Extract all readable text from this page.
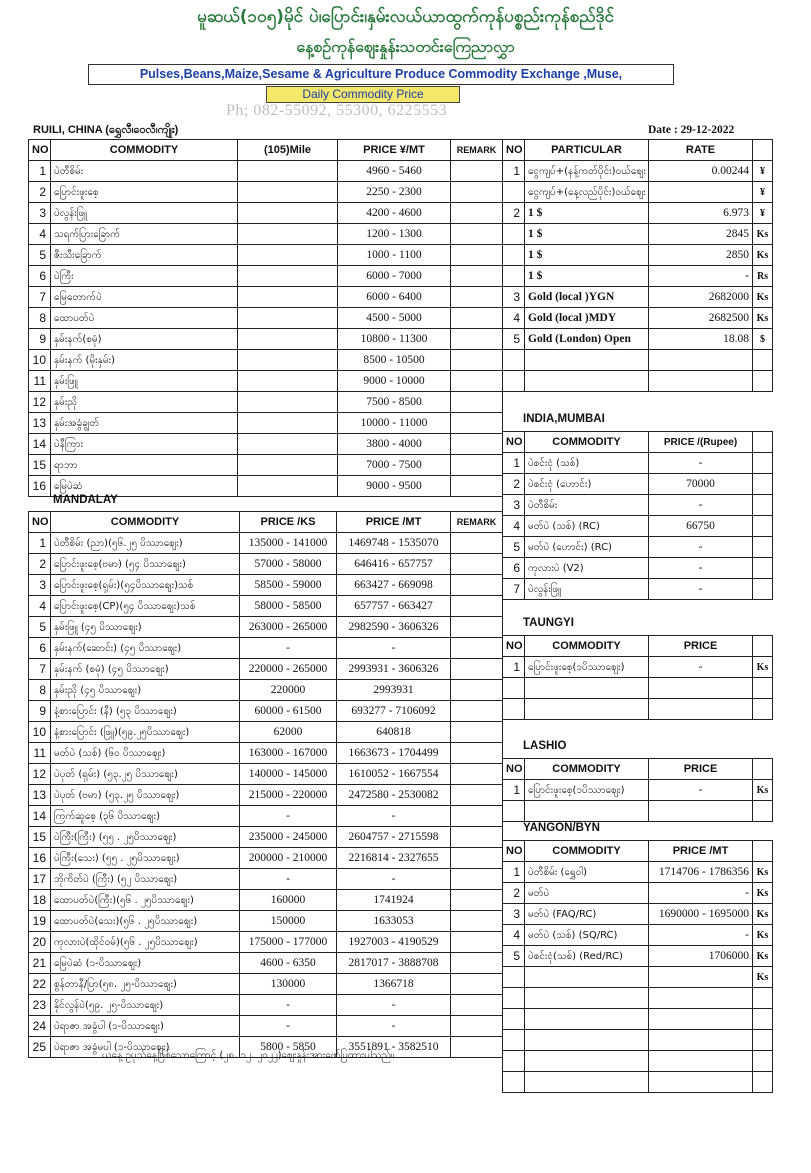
မူဆယ်(၁၀၅)မိုင် ပဲ၊ပြောင်း၊နှမ်းလယ်ယာထွက်ကုန်ပစ္စည်းကုန်စည်ဒိုင်
နေ့စဉ်ကုန်ဈေးနှုန်းသတင်းကြေညာလွှာ
Pulses,Beans,Maize,Sesame & Agriculture Produce Commodity Exchange ,Muse,
Daily Commodity Price
Ph; 082-55092, 55300, 6225553
RUILI, CHINA (ရွှေလီ၊ဝေလီ၊ကျိုး)	Date : 29-12-2022
NO	COMMODITY	(105)Mile	PRICE ¥/MT	REMARK
1	ပဲတီစိမ်း		4960 - 5460	
2	ပြောင်းဖူးစေ့		2250 - 2300	
3	ပဲလွန်းဖြူ		4200 - 4600	
4	သရက်ပြားခြောက်		1200 - 1300	
5	ဇီးသီးခြောက်		1000 - 1100	
6	ပဲကြီး		6000 - 7000	
7	မြေတောက်ပဲ		6000 - 6400	
8	ထောပတ်ပဲ		4500 - 5000	
9	နှမ်းနက်(စမုံ)		10800 - 11300	
10	နှမ်းနက် (မိုးနှမ်း)		8500 - 10500	
11	နှမ်းဖြူ		9000 - 10000	
12	နှမ်းညို		7500 - 8500	
13	နှမ်းအခွံချွတ်		10000 - 11000	
14	ပဲနီကြား		3800 - 4000	
15	ရာဘာ		7000 - 7500	
16	မြေပဲဆံ		9000 - 9500	
NO	PARTICULAR	RATE	
1	ငွေကျပ်+(နန့်ကတ်ပိုင်း)ဝယ်ဈေး	0.00244	¥
	ငွေကျပ်+(နေ့လည်ပိုင်း)ဝယ်ဈေး		¥
2	1 $	6.973	¥
	1 $	2845	Ks
	1 $	2850	Ks
	1 $	-	Rs
3	Gold (local )YGN	2682000	Ks
4	Gold (local )MDY	2682500	Ks
5	Gold (London) Open	18.08	$

MANDALAY
NO	COMMODITY	PRICE /KS	PRICE /MT	REMARK
1	ပဲတီစိမ်း (ညာ)(၅၆.၂၅ ပိဿာဈေး)	135000 - 141000	1469748 - 1535070	
2	ပြောင်းဖူးစေ့(ဗမာ) (၅၄ ပိဿာဈေး)	57000 - 58000	646416 - 657757	
3	ပြောင်းဖူးစေ့(ရှမ်း)(၅၄ပိဿာဈေး)သစ်	58500 - 59000	663427 - 669098	
4	ပြောင်းဖူးစေ့(CP)(၅၄ ပိဿာဈေး)သစ်	58000 - 58500	657757 - 663427	
5	နှမ်းဖြူ (၄၅ ပိဿာဈေး)	263000 - 265000	2982590 - 3606326	
6	နှမ်းနက်(ဆောင်း) (၄၅ ပိဿာဈေး)	-	-	
7	နှမ်းနက် (စမုံ) (၄၅ ပိဿာဈေး)	220000 - 265000	2993931 - 3606326	
8	နှမ်းညို (၄၅ ပိဿာဈေး)	220000	2993931	
9	နံ့စားပြောင်း (နီ) (၅၃ ပိဿာဈေး)	60000 - 61500	693277 - 7106092	
10	နံ့စားပြောင်း (ဖြူ)(၅၉.၂၅ပိဿာဈေး)	62000	640818	
11	မတ်ပဲ (သစ်) (၆၀ ပိဿာဈေး)	163000 - 167000	1663673 - 1704499	
12	ပဲပုတ် (ရှမ်း) (၅၃.၂၅ ပိဿာဈေး)	140000 - 145000	1610052 - 1667554	
13	ပဲပုတ် (ဗမာ) (၅၃.၂၅ ပိဿာဈေး)	215000 - 220000	2472580 - 2530082	
14	ကြက်ဆူစေ့ (၃၆ ပိဿာဈေး)	-	-	
15	ပဲကြီး(ကြီး) (၅၅ . ၂၅ပိဿာဈေး)	235000 - 245000	2604757 - 2715598	
16	ပဲကြီး(သေး) (၅၅ . ၂၅ပိဿာဈေး)	200000 - 210000	2216814 - 2327655	
17	ဘိုကိတ်ပဲ (ကြီး) (၅၂ ပိဿာဈေး)	-	-	
18	ထောပတ်ပဲ(ကြီး)(၅၆ . ၂၅ပိဿာဈေး)	160000	1741924	
19	ထောပတ်ပဲ(သေး)(၅၆ . ၂၅ပိဿာဈေး)	150000	1633053	
20	ကုလားပဲ(ထိုင်ဝမ်)(၅၆ . ၂၅ပိဿာဈေး)	175000 - 177000	1927003 - 4190529	
21	မြေပဲဆံ (၁-ပိဿာဈေး)	4600 - 6350	2817017 - 3888708	
22	စွန်တာနီ/ပြာ(၅၈. ၂၅-ပိဿာဈေး)	130000	1366718	
23	နိုင်လွန်ပဲ(၅၉. ၂၅-ပိဿာဈေး)	-	-	
24	ပဲရာဇာ အခွံပါ (၁-ပိဿာဈေး)	-	-	
25	ပဲရာဇာ အခွံမပါ (၁-ပိဿာဈေး)	5800 - 5850	3551891 - 3582510	
INDIA,MUMBAI
NO	COMMODITY	PRICE /(Rupee)	
1	ပဲစင်းငုံ (သစ်)	-	
2	ပဲစင်းငုံ (ဟောင်း)	70000	
3	ပဲတီစိမ်း	-	
4	မတ်ပဲ (သစ်) (RC)	66750	
5	မတ်ပဲ (ဟောင်း) (RC)	-	
6	ကုလားပဲ (V2)	-	
7	ပဲလွန်းဖြူ	-	
TAUNGYI
NO	COMMODITY	PRICE	
1	ပြောင်းဖူးစေ့(၁ပိဿာဈေး)	-	Ks

LASHIO
NO	COMMODITY	PRICE	
1	ပြောင်းဖူးစေ့(၁ပိဿာဈေး)	-	Ks

YANGON/BYN
NO	COMMODITY	PRICE /MT	
1	ပဲတီစိမ်း (ရွှေဝါ)	1714706 - 1786356	Ks
2	မတ်ပဲ	-	Ks
3	မတ်ပဲ (FAQ/RC)	1690000 - 1695000	Ks
4	မတ်ပဲ (သစ်) (SQ/RC)	-	Ks
5	ပဲစင်းငုံ(သစ်) (Red/RC)	1706000	Ks
			Ks

ယနေ့ ဥပုသ်နေ့ဖြစ်သောကြောင့် (၂၈. ၁၂. ၂၀၂၂)ဈေးနှုန်းအားဖော်ပြထားပါသည်။
